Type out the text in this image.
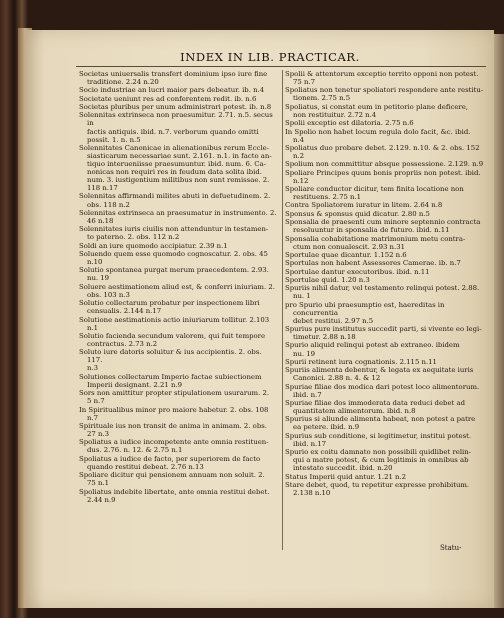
INDEX IN LIB. PRACTICAR.
Societas uniuersalis transfert dominium ipso iure fine
traditione. 2.24 n.20
Socio industriae an lucri maior pars debeatur. ib. n.4
Societate ueniunt res ad conferentem redit. ib. n.6
Societas pluribus per unum administrari potest. ib. n.8
Solennitas extrinseca non praesumitur. 2.71. n.5. secus in
factis antiquis. ibid. n.7. verborum quando omitti
possit. 1. n. n.5
Solennitates Canonicae in alienationibus rerum Eccle-
siasticarum necessariae sunt. 2.161. n.1. in facto an-
tiquo interueniisse praesumuntur. ibid. num. 6. Ca-
nonicas non requiri res in feudum data solita ibid.
num. 3. iustigentium militibus non sunt remissae. 2.
118 n.17
Solennitas affirmandi milites abuti in defuetudinem. 2.
obs. 118 n.2
Solennitas extrinseca an praesumatur in instrumento. 2.
46 n.18
Solennitates iuris ciuilis non attenduntur in testamen-
to paterno. 2. obs. 112 n.2
Soldi an iure quomodo accipiatur. 2.39 n.1
Soluendo quem esse quomodo cognoscatur. 2. obs. 45
n.10
Solutio spontanea purgat merum praecedentem. 2.93.
nu. 19
Soluere aestimationem aliud est, & conferri iniuriam. 2.
obs. 103 n.3
Solutio collectarum probatur per inspectionem libri
censualis. 2.144 n.17
Solutione aestimationis actio iniuriarum tollitur. 2.103
n.1
Solutio facienda secundum valorem, qui fuit tempore
contractus. 2.73 n.2
Soluto iure datoris soluitur & ius accipientis. 2. obs. 117.
n.3
Solutiones collectarum Imperio factae subiectionem
Imperii designant. 2.21 n.9
Sors non amittitur propter stipulationem usurarum. 2.
5 n.7
In Spiritualibus minor pro maiore habetur. 2. obs. 108
n.7
Spirituale ius non transit de anima in animam. 2. obs.
27 n.3
Spoliatus a iudice incompetente ante omnia restituen-
dus. 2.76. n. 12. & 2.75 n.1
Spoliatus a iudice de facto, per superiorem de facto
quando restitui debeat. 2.76 n.13
Spoliare dicitur qui pensionem annuam non soluit. 2.
75 n.1
Spoliatus indebite libertate, ante omnia restitui debet.
2.44 n.9
Spolii & attentorum exceptio territo opponi non potest.
75 n.7
Spoliatus non tenetur spoliatori respondere ante restitu-
tionem. 2.75 n.5
Spoliatus, si constat eum in petitorio plane deficere,
non restituitur. 2.72 n.4
Spolii exceptio est dilatoria. 2.75 n.6
In Spolio non habet locum regula dolo facit, &c. ibid.
n.4
Spoliatus duo probare debet. 2.129. n.10. & 2. obs. 152
n.2
Spolium non committitur absque possessione. 2.129. n.9
Spoliare Principes quum bonis propriis non potest. ibid.
n.12
Spoliare conductor dicitur, tem finita locatione non
restituens. 2.75 n.1
Contra Spoliatorem iuratur in litem. 2.64 n.8
Sponsus & sponsus quid dicatur. 2.80 n.5
Sponsalia de praesenti cum minore septennio contracta
resoluuntur in sponsalia de futuro. ibid. n.11
Sponsalia cohabitatione matrimonium metu contra-
ctum non conualescit. 2.93 n.31
Sportulae quae dicantur. 1.152 n.6
Sportulas non habent Assessores Camerae. ib. n.7
Sportulae dantur executoribus. ibid. n.11
Sportulae quid. 1.20 n.3
Spuriis nihil datur, vel testamento relinqui potest. 2.88.
nu. 1
pro Spurio ubi praesumptio est, haereditas in concurrentia
debet restitui. 2.97 n.5
Spurius pure institutus succedit parti, si vivente eo legi-
timetur. 2.88 n.18
Spurio aliquid relinqui potest ab extraneo. ibidem
nu. 19
Spurii retinent iura cognationis. 2.115 n.11
Spuriis alimenta debentur, & legata ex aequitate iuris
Canonici. 2.88 n. 4. & 12
Spuriae filiae dos modica dari potest loco alimentorum.
ibid. n.7
Spuriae filiae dos immoderata data reduci debet ad
quantitatem alimentorum. ibid. n.8
Spurius si aliunde alimenta habeat, non potest a patre
ea petere. ibid. n.9
Spurius sub conditione, si legitimetur, institui potest.
ibid. n.17
Spurio ex coitu damnato non possibili quidlibet relin-
qui a matre potest, & cum legitimis in omnibus ab
intestato succedit. ibid. n.20
Status Imperii quid antur. 1.21 n.2
Stare debet, quod, tu repetitur expresse prohibitum.
2.138 n.10
Statu-
